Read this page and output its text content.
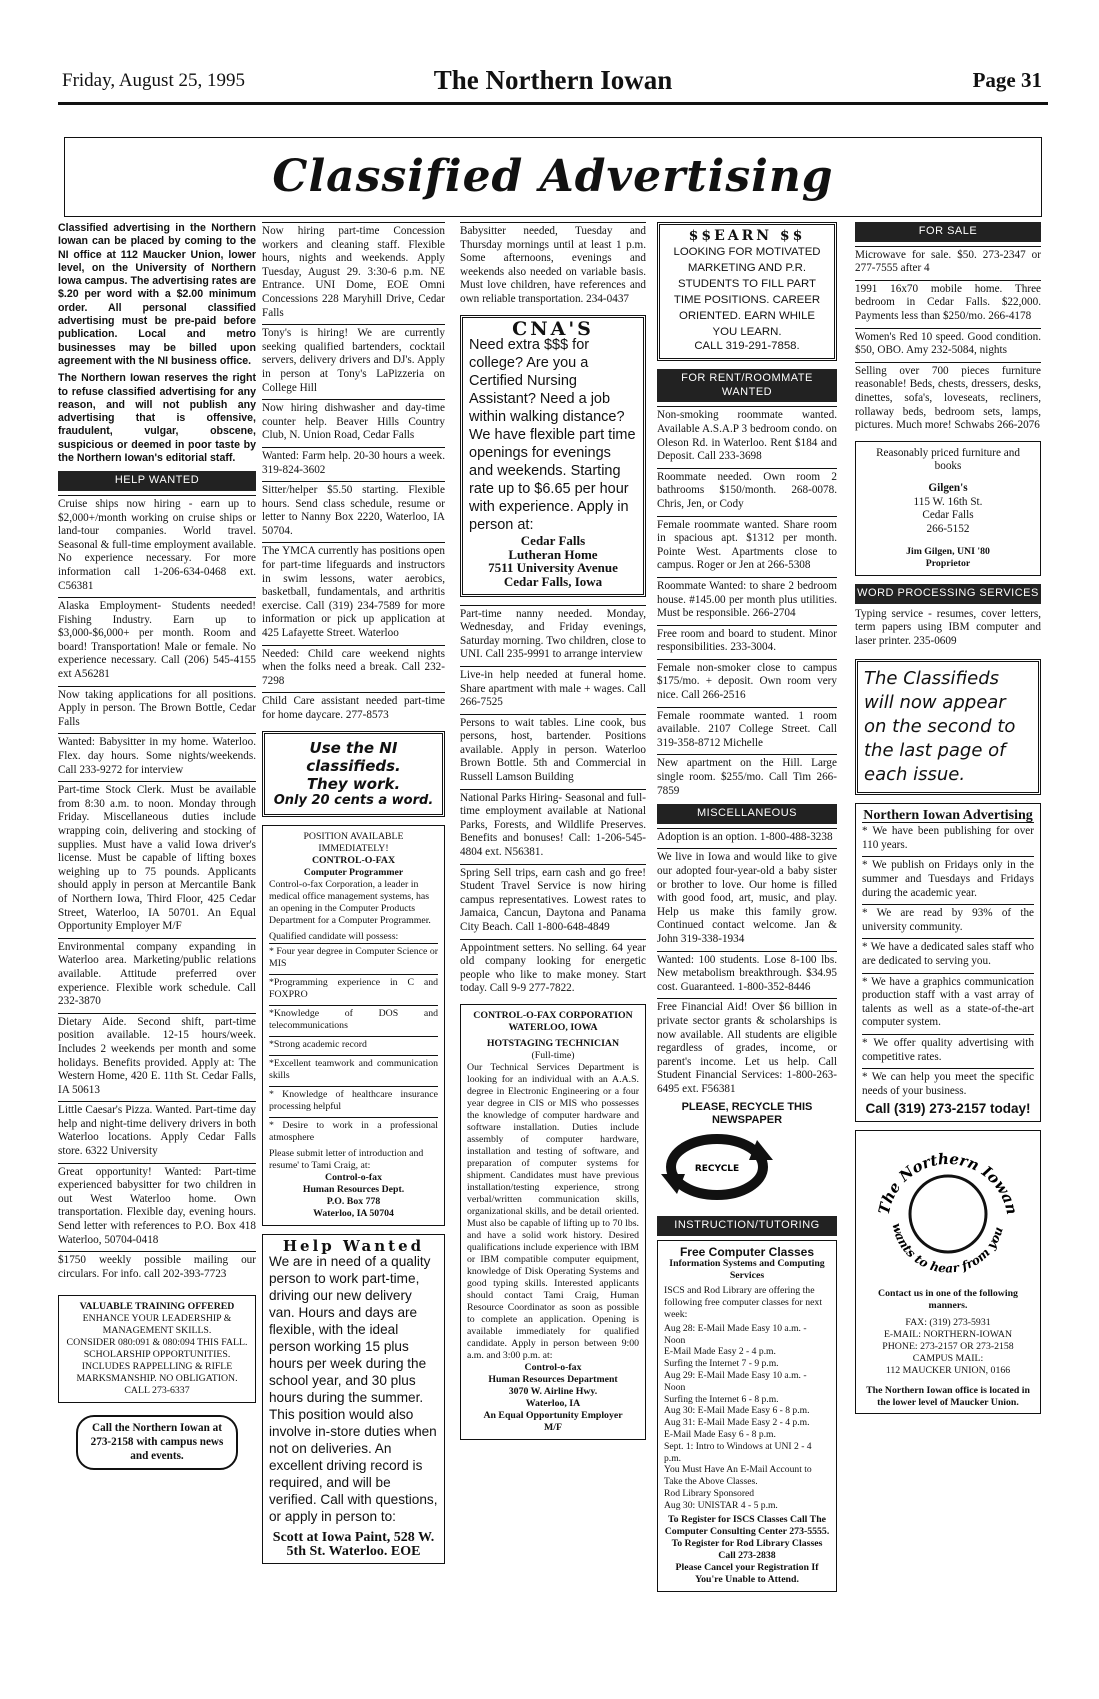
Friday, August 25, 1995	The Northern Iowan	Page 31
Classified Advertising
Classified advertising in the Northern Iowan can be placed by coming to the NI office at 112 Maucker Union, lower level, on the University of Northern Iowa campus. The advertising rates are $.20 per word with a $2.00 minimum order. All personal classified advertising must be pre-paid before publication. Local and metro businesses may be billed upon agreement with the NI business office.
The Northern Iowan reserves the right to refuse classified advertising for any reason, and will not publish any advertising that is offensive, fraudulent, vulgar, obscene, suspicious or deemed in poor taste by the Northern Iowan's editorial staff.
HELP WANTED
Cruise ships now hiring - earn up to $2,000+/month working on cruise ships or land-tour companies. World travel. Seasonal & full-time employment available. No experience necessary. For more information call 1-206-634-0468 ext. C56381
Alaska Employment- Students needed! Fishing Industry. Earn up to $3,000-$6,000+ per month. Room and board! Transportation! Male or female. No experience necessary. Call (206) 545-4155 ext A56281
Now taking applications for all positions. Apply in person. The Brown Bottle, Cedar Falls
Wanted: Babysitter in my home. Waterloo. Flex. day hours. Some nights/weekends. Call 233-9272 for interview
Part-time Stock Clerk. Must be available from 8:30 a.m. to noon. Monday through Friday. Miscellaneous duties include wrapping coin, delivering and stocking of supplies. Must have a valid Iowa driver's license. Must be capable of lifting boxes weighing up to 75 pounds. Applicants should apply in person at Mercantile Bank of Northern Iowa, Third Floor, 425 Cedar Street, Waterloo, IA 50701. An Equal Opportunity Employer M/F
Environmental company expanding in Waterloo area. Marketing/public relations available. Attitude preferred over experience. Flexible work schedule. Call 232-3870
Dietary Aide. Second shift, part-time position available. 12-15 hours/week. Includes 2 weekends per month and some holidays. Benefits provided. Apply at: The Western Home, 420 E. 11th St. Cedar Falls, IA 50613
Little Caesar's Pizza. Wanted. Part-time day help and night-time delivery drivers in both Waterloo locations. Apply Cedar Falls store. 6322 University
Great opportunity! Wanted: Part-time experienced babysitter for two children in out West Waterloo home. Own transportation. Flexible day, evening hours. Send letter with references to P.O. Box 418 Waterloo, 50704-0418
$1750 weekly possible mailing our circulars. For info. call 202-393-7723
VALUABLE TRAINING OFFERED
ENHANCE YOUR LEADERSHIP & MANAGEMENT SKILLS.
CONSIDER 080:091 & 080:094 THIS FALL. SCHOLARSHIP OPPORTUNITIES. INCLUDES RAPPELLING & RIFLE MARKSMANSHIP. NO OBLIGATION.
CALL 273-6337
Call the Northern Iowan at 273-2158 with campus news and events.
Now hiring part-time Concession workers and cleaning staff. Flexible hours, nights and weekends. Apply Tuesday, August 29. 3:30-6 p.m. NE Entrance. UNI Dome, EOE Omni Concessions 228 Maryhill Drive, Cedar Falls
Tony's is hiring! We are currently seeking qualified bartenders, cocktail servers, delivery drivers and DJ's. Apply in person at Tony's LaPizzeria on College Hill
Now hiring dishwasher and day-time counter help. Beaver Hills Country Club, N. Union Road, Cedar Falls
Wanted: Farm help. 20-30 hours a week. 319-824-3602
Sitter/helper $5.50 starting. Flexible hours. Send class schedule, resume or letter to Nanny Box 2220, Waterloo, IA 50704.
The YMCA currently has positions open for part-time lifeguards and instructors in swim lessons, water aerobics, basketball, fundamentals, and arthritis exercise. Call (319) 234-7589 for more information or pick up application at 425 Lafayette Street. Waterloo
Needed: Child care weekend nights when the folks need a break. Call 232-7298
Child Care assistant needed part-time for home daycare. 277-8573
Use the NI classifieds.
They work.
Only 20 cents a word.
POSITION AVAILABLE IMMEDIATELY!
CONTROL-O-FAX
Computer Programmer
Control-o-fax Corporation, a leader in medical office management systems, has an opening in the Computer Products Department for a Computer Programmer.
Qualified candidate will possess:
* Four year degree in Computer Science or MIS
*Programming experience in C and FOXPRO
*Knowledge of DOS and telecommunications
*Strong academic record
*Excellent teamwork and communication skills
* Knowledge of healthcare insurance processing helpful
* Desire to work in a professional atmosphere
Please submit letter of introduction and resume' to Tami Craig, at:
Control-o-fax
Human Resources Dept.
P.O. Box 778
Waterloo, IA 50704
Help Wanted
We are in need of a quality person to work part-time, driving our new delivery van. Hours and days are flexible, with the ideal person working 15 plus hours per week during the school year, and 30 plus hours during the summer. This position would also involve in-store duties when not on deliveries. An excellent driving record is required, and will be verified. Call with questions, or apply in person to:
Scott at Iowa Paint, 528 W. 5th St. Waterloo. EOE
Babysitter needed, Tuesday and Thursday mornings until at least 1 p.m. Some afternoons, evenings and weekends also needed on variable basis. Must love children, have references and own reliable transportation. 234-0437
CNA'S
Need extra $$$ for college? Are you a Certified Nursing Assistant? Need a job within walking distance? We have flexible part time openings for evenings and weekends. Starting rate up to $6.65 per hour with experience. Apply in person at:
Cedar Falls
Lutheran Home
7511 University Avenue
Cedar Falls, Iowa
Part-time nanny needed. Monday, Wednesday, and Friday evenings, Saturday morning. Two children, close to UNI. Call 235-9991 to arrange interview
Live-in help needed at funeral home. Share apartment with male + wages. Call 266-7525
Persons to wait tables. Line cook, bus persons, host, bartender. Positions available. Apply in person. Waterloo Brown Bottle. 5th and Commercial in Russell Lamson Building
National Parks Hiring- Seasonal and full-time employment available at National Parks, Forests, and Wildlife Preserves. Benefits and bonuses! Call: 1-206-545-4804 ext. N56381.
Spring Sell trips, earn cash and go free! Student Travel Service is now hiring campus representatives. Lowest rates to Jamaica, Cancun, Daytona and Panama City Beach. Call 1-800-648-4849
Appointment setters. No selling. 64 year old company looking for energetic people who like to make money. Start today. Call 9-9 277-7822.
CONTROL-O-FAX CORPORATION WATERLOO, IOWA
HOTSTAGING TECHNICIAN
(Full-time)
Our Technical Services Department is looking for an individual with an A.A.S. degree in Electronic Engineering or a four year degree in CIS or MIS who possesses the knowledge of computer hardware and software installation. Duties include assembly of computer hardware, installation and testing of software, and preparation of computer systems for shipment. Candidates must have previous installation/testing experience, strong verbal/written communication skills, organizational skills, and be detail oriented. Must also be capable of lifting up to 70 lbs. and have a solid work history. Desired qualifications include experience with IBM or IBM compatible computer equipment, knowledge of Disk Operating Systems and good typing skills. Interested applicants should contact Tami Craig, Human Resource Coordinator as soon as possible to complete an application. Opening is available immediately for qualified candidate. Apply in person between 9:00 a.m. and 3:00 p.m. at:
Control-o-fax
Human Resources Department
3070 W. Airline Hwy.
Waterloo, IA
An Equal Opportunity Employer
M/F
$$EARN $$
LOOKING FOR MOTIVATED MARKETING AND P.R. STUDENTS TO FILL PART TIME POSITIONS. CAREER ORIENTED. EARN WHILE YOU LEARN.
CALL 319-291-7858.
FOR RENT/ROOMMATE WANTED
Non-smoking roommate wanted. Available A.S.A.P 3 bedroom condo. on Oleson Rd. in Waterloo. Rent $184 and Deposit. Call 233-3698
Roommate needed. Own room 2 bathrooms $150/month. 268-0078. Chris, Jen, or Cody
Female roommate wanted. Share room in spacious apt. $1312 per month. Pointe West. Apartments close to campus. Roger or Jen at 266-5308
Roommate Wanted: to share 2 bedroom house. #145.00 per month plus utilities. Must be responsible. 266-2704
Free room and board to student. Minor responsibilities. 233-3004.
Female non-smoker close to campus $175/mo. + deposit. Own room very nice. Call 266-2516
Female roommate wanted. 1 room available. 2107 College Street. Call 319-358-8712 Michelle
New apartment on the Hill. Large single room. $255/mo. Call Tim 266-7859
MISCELLANEOUS
Adoption is an option. 1-800-488-3238
We live in Iowa and would like to give our adopted four-year-old a baby sister or brother to love. Our home is filled with good food, art, music, and play. Help us make this family grow. Continued contact welcome. Jan & John 319-338-1934
Wanted: 100 students. Lose 8-100 lbs. New metabolism breakthrough. $34.95 cost. Guaranteed. 1-800-352-8446
Free Financial Aid! Over $6 billion in private sector grants & scholarships is now available. All students are eligible regardless of grades, income, or parent's income. Let us help. Call Student Financial Services: 1-800-263-6495 ext. F56381
PLEASE, RECYCLE THIS NEWSPAPER
RECYCLE
INSTRUCTION/TUTORING
Free Computer Classes
Information Systems and Computing Services
ISCS and Rod Library are offering the following free computer classes for next week:
Aug 28: E-Mail Made Easy 10 a.m. - Noon
E-Mail Made Easy 2 - 4 p.m.
Surfing the Internet 7 - 9 p.m.
Aug 29: E-Mail Made Easy 10 a.m. - Noon
Surfing the Internet 6 - 8 p.m.
Aug 30: E-Mail Made Easy 6 - 8 p.m.
Aug 31: E-Mail Made Easy 2 - 4 p.m.
E-Mail Made Easy 6 - 8 p.m.
Sept. 1: Intro to Windows at UNI 2 - 4 p.m.
You Must Have An E-Mail Account to Take the Above Classes.
Rod Library Sponsored
Aug 30: UNISTAR 4 - 5 p.m.
To Register for ISCS Classes Call The Computer Consulting Center 273-5555.
To Register for Rod Library Classes Call 273-2838
Please Cancel your Registration If You're Unable to Attend.
FOR SALE
Microwave for sale. $50. 273-2347 or 277-7555 after 4
1991 16x70 mobile home. Three bedroom in Cedar Falls. $22,000. Payments less than $250/mo. 266-4178
Women's Red 10 speed. Good condition. $50, OBO. Amy 232-5084, nights
Selling over 700 pieces furniture reasonable! Beds, chests, dressers, desks, dinettes, sofa's, loveseats, recliners, rollaway beds, bedroom sets, lamps, pictures. Much more! Schwabs 266-2076
Reasonably priced furniture and books
Gilgen's
115 W. 16th St.
Cedar Falls
266-5152
Jim Gilgen, UNI '80
Proprietor
WORD PROCESSING SERVICES
Typing service - resumes, cover letters, term papers using IBM computer and laser printer. 235-0609
The Classifieds will now appear on the second to the last page of each issue.
Northern Iowan Advertising
* We have been publishing for over 110 years.
* We publish on Fridays only in the summer and Tuesdays and Fridays during the academic year.
* We are read by 93% of the university community.
* We have a dedicated sales staff who are dedicated to serving you.
* We have a graphics communication production staff with a vast array of talents as well as a state-of-the-art computer system.
* We offer quality advertising with competitive rates.
* We can help you meet the specific needs of your business.
Call (319) 273-2157 today!
The Northern Iowan
wants to hear from you
Contact us in one of the following manners.
FAX: (319) 273-5931
E-MAIL: NORTHERN-IOWAN
PHONE: 273-2157 OR 273-2158
CAMPUS MAIL:
112 MAUCKER UNION, 0166
The Northern Iowan office is located in the lower level of Maucker Union.
